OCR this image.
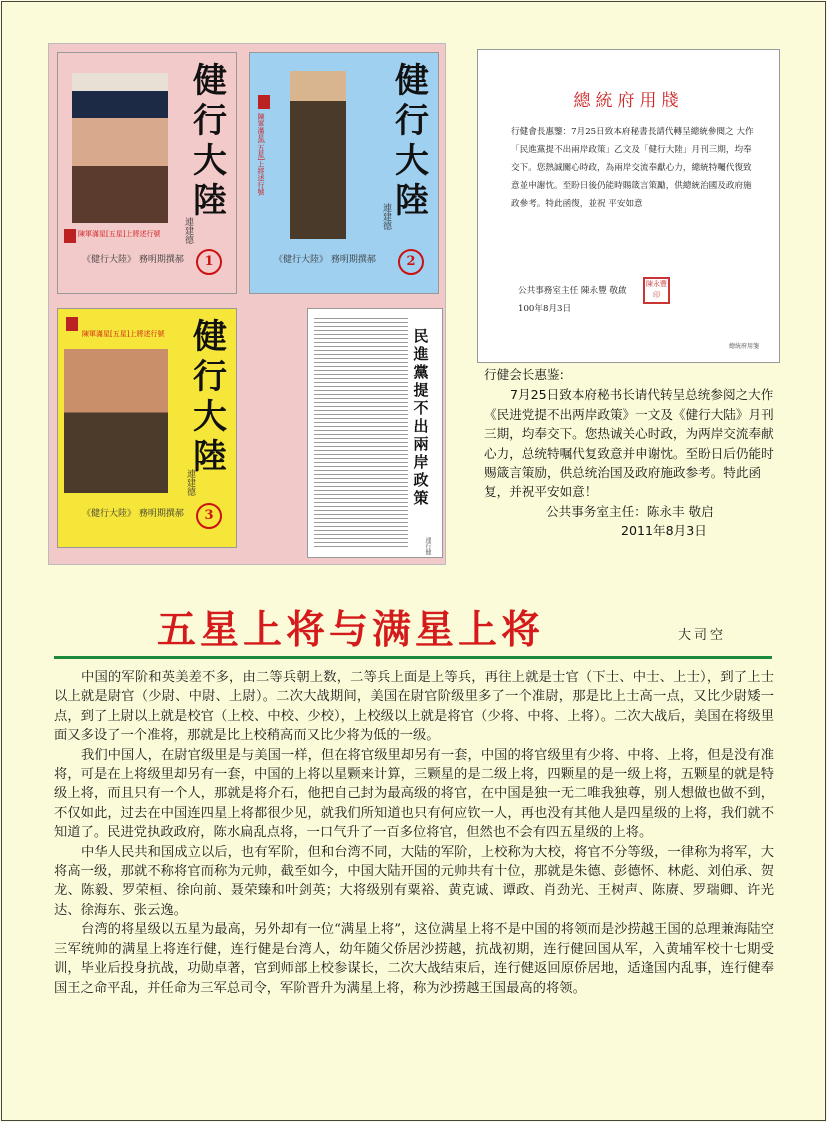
健行大陸
陳軍滿星[五星]上將述行號	連建德
《健行大陸》 務明期撰郝	1
健行大陸
陳軍滿星[五星]上將述行號
連建德
《健行大陸》 務明期撰郝	2
健行大陸
陳軍滿星[五星]上將述行號
連建德
《健行大陸》 務明期撰郝	3
民進黨提不出兩岸政策
連行健
總統府用牋
行健會長惠鑒：7月25日致本府秘書長請代轉呈總統參閱之 大作「民進黨提不出兩岸政策」乙文及「健行大陸」月刊三期，均奉交下。您熱誠關心時政，為兩岸交流奉獻心力，總統特囑代復致意並申謝忱。至盼日後仍能時賜箴言策勵，供總統治國及政府施政參考。特此函復，並祝 平安如意
公共事務室主任 陳永豐 敬啟
100年8月3日
陳永豐印
總統府用箋

行健会长惠鉴:

7月25日致本府秘书长请代转呈总统参阅之大作《民进党提不出两岸政策》一文及《健行大陆》月刊三期，均奉交下。您热诚关心时政，为两岸交流奉献心力，总统特嘱代复致意并申谢忱。至盼日后仍能时赐箴言策励，供总统治国及政府施政参考。特此函复，并祝平安如意！

公共事务室主任：陈永丰 敬启

2011年8月3日

五星上将与满星上将	大司空

中国的军阶和英美差不多，由二等兵朝上数，二等兵上面是上等兵，再往上就是士官（下士、中士、上士），到了上士以上就是尉官（少尉、中尉、上尉）。二次大战期间，美国在尉官阶级里多了一个准尉，那是比上士高一点，又比少尉矮一点，到了上尉以上就是校官（上校、中校、少校），上校级以上就是将官（少将、中将、上将）。二次大战后，美国在将级里面又多设了一个准将，那就是比上校稍高而又比少将为低的一级。

我们中国人，在尉官级里是与美国一样，但在将官级里却另有一套，中国的将官级里有少将、中将、上将，但是没有准将，可是在上将级里却另有一套，中国的上将以星颗来计算，三颗星的是二级上将，四颗星的是一级上将，五颗星的就是特级上将，而且只有一个人，那就是将介石，他把自己封为最高级的将官，在中国是独一无二唯我独尊，别人想做也做不到，不仅如此，过去在中国连四星上将都很少见，就我们所知道也只有何应钦一人，再也没有其他人是四星级的上将，我们就不知道了。民进党执政政府，陈水扁乱点将，一口气升了一百多位将官，但然也不会有四五星级的上将。

中华人民共和国成立以后，也有军阶，但和台湾不同，大陆的军阶，上校称为大校，将官不分等级，一律称为将军，大将高一级，那就不称将官而称为元帅，截至如今，中国大陆开国的元帅共有十位，那就是朱德、彭德怀、林彪、刘伯承、贺龙、陈毅、罗荣桓、徐向前、聂荣臻和叶剑英；大将级别有粟裕、黄克诚、谭政、肖劲光、王树声、陈赓、罗瑞卿、许光达、徐海东、张云逸。

台湾的将星级以五星为最高，另外却有一位“满星上将”，这位满星上将不是中国的将领而是沙捞越王国的总理兼海陆空三军统帅的满星上将连行健，连行健是台湾人，幼年随父侨居沙捞越，抗战初期，连行健回国从军，入黄埔军校十七期受训，毕业后投身抗战，功勋卓著，官到师部上校参谋长，二次大战结束后，连行健返回原侨居地，适逢国内乱事，连行健奉国王之命平乱，并任命为三军总司令，军阶晋升为满星上将，称为沙捞越王国最高的将领。
